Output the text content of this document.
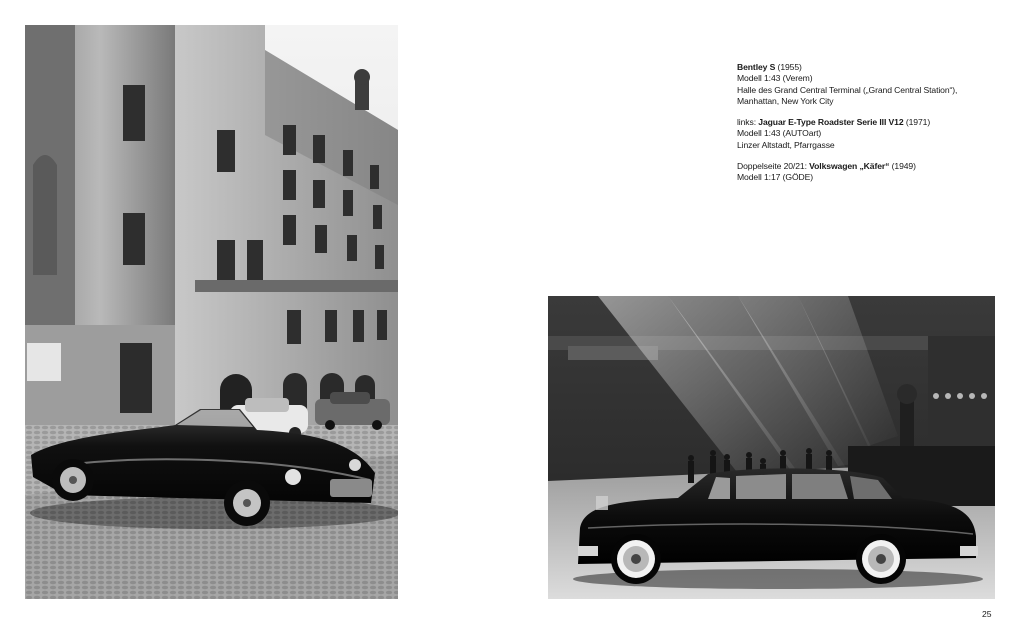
Bentley S (1955)
Modell 1:43 (Verem)
Halle des Grand Central Terminal („Grand Central Station“),
Manhattan, New York City
links: Jaguar E-Type Roadster Serie III V12 (1971)
Modell 1:43 (AUTOart)
Linzer Altstadt, Pfarrgasse
Doppelseite 20/21: Volkswagen „Käfer“ (1949)
Modell 1:17 (GÖDE)
25
